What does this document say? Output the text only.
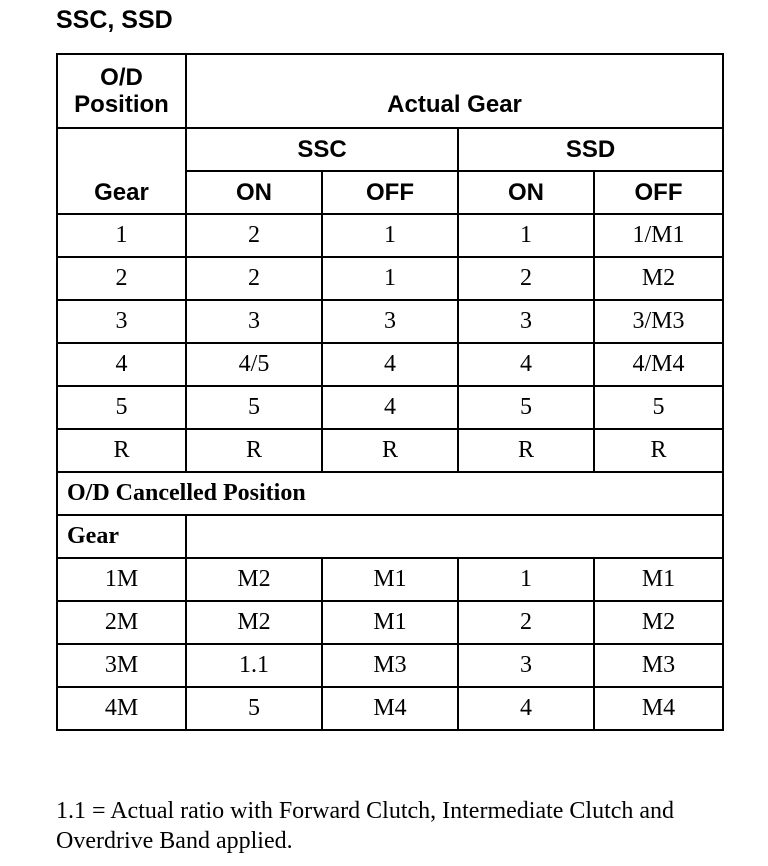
SSC, SSD
O/D
Position	Actual Gear			
Gear	SSC		SSD	
	ON	OFF	ON	OFF
1	2	1	1	1/M1
2	2	1	2	M2
3	3	3	3	3/M3
4	4/5	4	4	4/M4
5	5	4	5	5
R	R	R	R	R
O/D Cancelled Position				
Gear				
1M	M2	M1	1	M1
2M	M2	M1	2	M2
3M	1.1	M3	3	M3
4M	5	M4	4	M4
1.1 = Actual ratio with Forward Clutch, Intermediate Clutch and Overdrive Band applied.
